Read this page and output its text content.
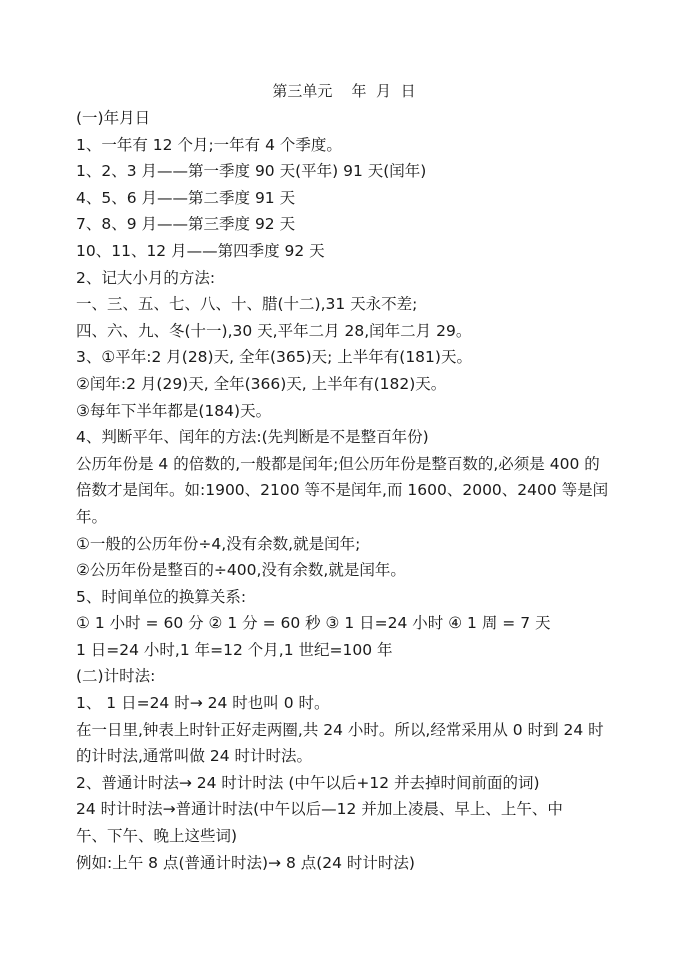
第三单元    年  月  日
(一)年月日
1、一年有 12 个月;一年有 4 个季度。
1、2、3 月——第一季度 90 天(平年) 91 天(闰年)
4、5、6 月——第二季度 91 天
7、8、9 月——第三季度 92 天
10、11、12 月——第四季度 92 天
2、记大小月的方法:
一、三、五、七、八、十、腊(十二),31 天永不差;
四、六、九、冬(十一),30 天,平年二月 28,闰年二月 29。
3、①平年:2 月(28)天, 全年(365)天; 上半年有(181)天。
②闰年:2 月(29)天, 全年(366)天, 上半年有(182)天。
③每年下半年都是(184)天。
4、判断平年、闰年的方法:(先判断是不是整百年份)
公历年份是 4 的倍数的,一般都是闰年;但公历年份是整百数的,必须是 400 的
倍数才是闰年。如:1900、2100 等不是闰年,而 1600、2000、2400 等是闰
年。
①一般的公历年份÷4,没有余数,就是闰年;
②公历年份是整百的÷400,没有余数,就是闰年。
5、时间单位的换算关系:
① 1 小时 = 60 分 ② 1 分 = 60 秒 ③ 1 日=24 小时 ④ 1 周 = 7 天
1 日=24 小时,1 年=12 个月,1 世纪=100 年
(二)计时法:
1、 1 日=24 时→ 24 时也叫 0 时。
在一日里,钟表上时针正好走两圈,共 24 小时。所以,经常采用从 0 时到 24 时
的计时法,通常叫做 24 时计时法。
2、普通计时法→ 24 时计时法 (中午以后+12 并去掉时间前面的词)
24 时计时法→普通计时法(中午以后—12 并加上凌晨、早上、上午、中
午、下午、晚上这些词)
例如:上午 8 点(普通计时法)→ 8 点(24 时计时法)
